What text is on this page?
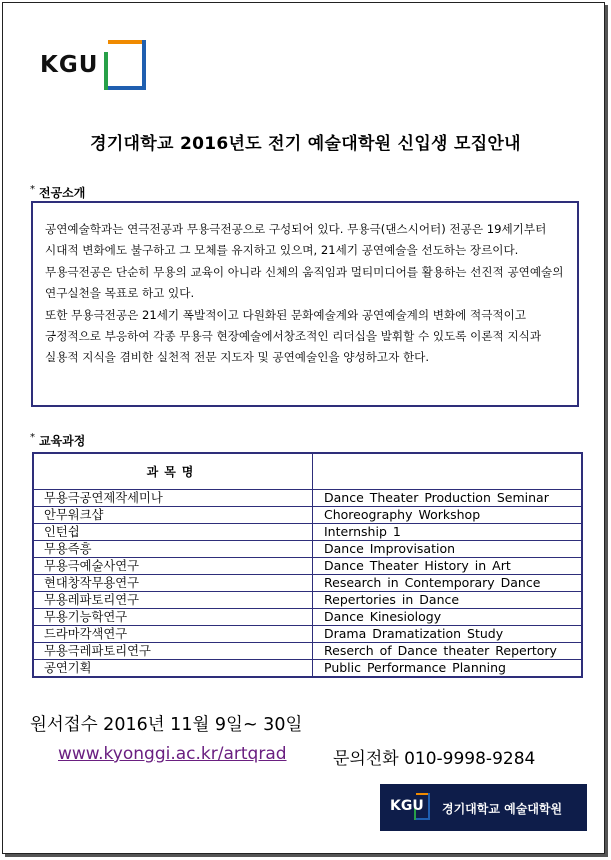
KGU
경기대학교 2016년도 전기 예술대학원 신입생 모집안내
* 전공소개

공연예술학과는 연극전공과 무용극전공으로 구성되어 있다. 무용극(댄스시어터) 전공은 19세기부터 시대적 변화에도 불구하고 그 모체를 유지하고 있으며, 21세기 공연예술을 선도하는 장르이다. 무용극전공은 단순히 무용의 교육이 아니라 신체의 움직임과 멀티미디어를 활용하는 선진적 공연예술의 연구실천을 목표로 하고 있다.

또한 무용극전공은 21세기 폭발적이고 다원화된 문화예술계와 공연예술계의 변화에 적극적이고 긍정적으로 부응하여 각종 무용극 현장예술에서창조적인 리더십을 발휘할 수 있도록 이론적 지식과 실용적 지식을 겸비한 실천적 전문 지도자 및 공연예술인을 양성하고자 한다.

* 교육과정
과목명	
무용극공연제작세미나	Dance Theater Production Seminar
안무워크샵	Choreography Workshop
인턴쉽	Internship 1
무용즉흥	Dance Improvisation
무용극예술사연구	Dance Theater History in Art
현대창작무용연구	Research in Contemporary Dance
무용레파토리연구	Repertories in Dance
무용기능학연구	Dance Kinesiology
드라마각색연구	Drama Dramatization Study
무용극레파토리연구	Reserch of Dance theater Repertory
공연기획	Public Performance Planning
원서접수 2016년 11월 9일~ 30일
www.kyonggi.ac.kr/artqrad	문의전화 010-9998-9284
KGU 경기대학교 예술대학원
